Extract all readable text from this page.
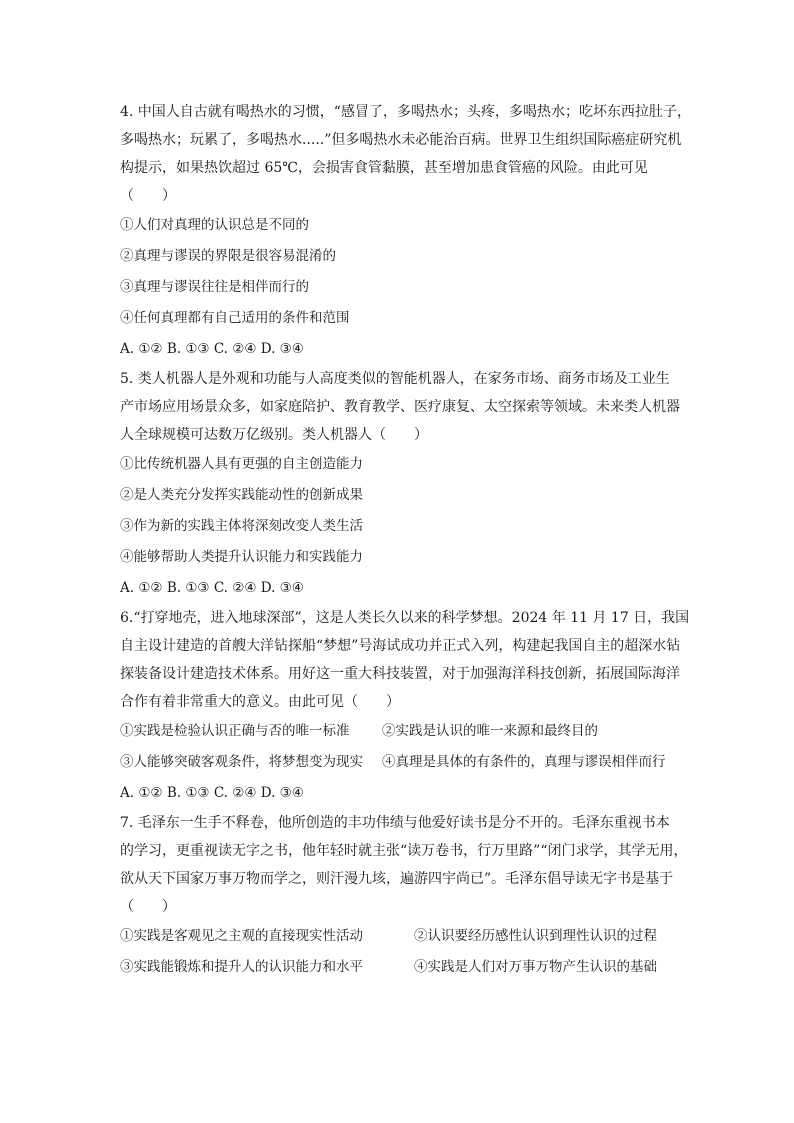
4. 中国人自古就有喝热水的习惯，“感冒了，多喝热水；头疼，多喝热水；吃坏东西拉肚子，

多喝热水；玩累了，多喝热水.....”但多喝热水未必能治百病。世界卫生组织国际癌症研究机

构提示，如果热饮超过 65℃，会损害食管黏膜，甚至增加患食管癌的风险。由此可见

（　　）

①人们对真理的认识总是不同的

②真理与谬误的界限是很容易混淆的

③真理与谬误往往是相伴而行的

④任何真理都有自己适用的条件和范围

A. ①② B. ①③ C. ②④ D. ③④

5. 类人机器人是外观和功能与人高度类似的智能机器人，在家务市场、商务市场及工业生

产市场应用场景众多，如家庭陪护、教育教学、医疗康复、太空探索等领域。未来类人机器

人全球规模可达数万亿级别。类人机器人（　　）

①比传统机器人具有更强的自主创造能力

②是人类充分发挥实践能动性的创新成果

③作为新的实践主体将深刻改变人类生活

④能够帮助人类提升认识能力和实践能力

A. ①② B. ①③ C. ②④ D. ③④

6.“打穿地壳，进入地球深部”，这是人类长久以来的科学梦想。2024 年 11 月 17 日，我国

自主设计建造的首艘大洋钻探船“梦想”号海试成功并正式入列，构建起我国自主的超深水钻

探装备设计建造技术体系。用好这一重大科技装置，对于加强海洋科技创新，拓展国际海洋

合作有着非常重大的意义。由此可见（　　）

①实践是检验认识正确与否的唯一标准	②实践是认识的唯一来源和最终目的
③人能够突破客观条件，将梦想变为现实	④真理是具体的有条件的，真理与谬误相伴而行

A. ①② B. ①③ C. ②④ D. ③④

7. 毛泽东一生手不释卷，他所创造的丰功伟绩与他爱好读书是分不开的。毛泽东重视书本

的学习，更重视读无字之书，他年轻时就主张“读万卷书，行万里路”“闭门求学，其学无用，

欲从天下国家万事万物而学之，则汗漫九垓，遍游四宇尚已”。毛泽东倡导读无字书是基于

（　　）

①实践是客观见之主观的直接现实性活动	②认识要经历感性认识到理性认识的过程
③实践能锻炼和提升人的认识能力和水平	④实践是人们对万事万物产生认识的基础
